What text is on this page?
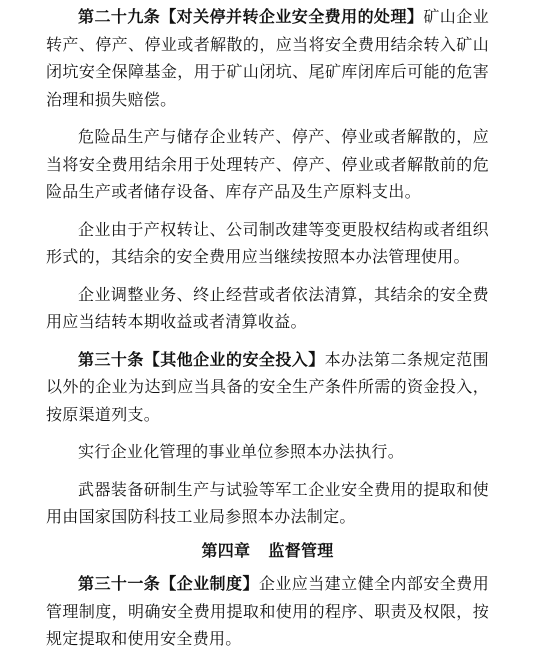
第二十九条【对关停并转企业安全费用的处理】矿山企业转产、停产、停业或者解散的，应当将安全费用结余转入矿山闭坑安全保障基金，用于矿山闭坑、尾矿库闭库后可能的危害治理和损失赔偿。

危险品生产与储存企业转产、停产、停业或者解散的，应当将安全费用结余用于处理转产、停产、停业或者解散前的危险品生产或者储存设备、库存产品及生产原料支出。

企业由于产权转让、公司制改建等变更股权结构或者组织形式的，其结余的安全费用应当继续按照本办法管理使用。

企业调整业务、终止经营或者依法清算，其结余的安全费用应当结转本期收益或者清算收益。

第三十条【其他企业的安全投入】本办法第二条规定范围以外的企业为达到应当具备的安全生产条件所需的资金投入，按原渠道列支。

实行企业化管理的事业单位参照本办法执行。

武器装备研制生产与试验等军工企业安全费用的提取和使用由国家国防科技工业局参照本办法制定。

第四章 监督管理

第三十一条【企业制度】企业应当建立健全内部安全费用管理制度，明确安全费用提取和使用的程序、职责及权限，按规定提取和使用安全费用。
